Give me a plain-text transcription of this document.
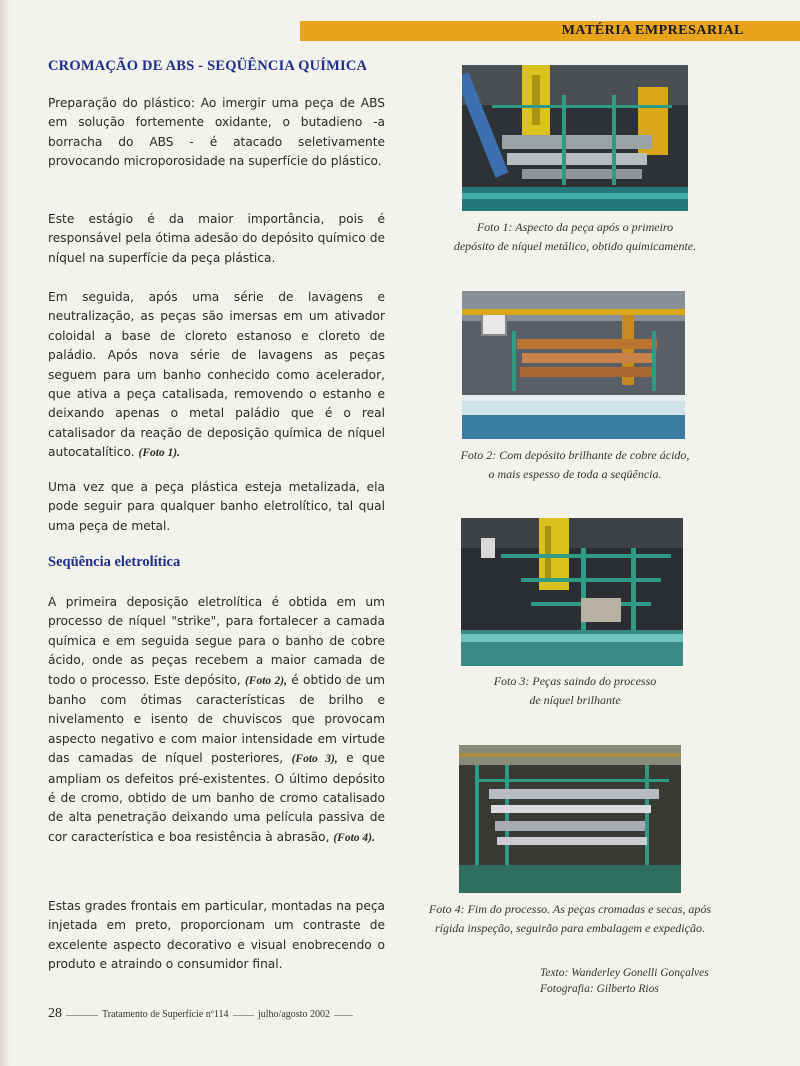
MATÉRIA EMPRESARIAL
CROMAÇÃO DE ABS - SEQÜÊNCIA QUÍMICA

Preparação do plástico: Ao imergir uma peça de ABS em solução fortemente oxidante, o butadieno -a borracha do ABS - é atacado seletivamente provocando microporosidade na superfície do plástico.

Este estágio é da maior importância, pois é responsável pela ótima adesão do depósito químico de níquel na superfície da peça plástica.

Em seguida, após uma série de lavagens e neutralização, as peças são imersas em um ativador coloidal a base de cloreto estanoso e cloreto de paládio. Após nova série de lavagens as peças seguem para um banho conhecido como acelerador, que ativa a peça catalisada, removendo o estanho e deixando apenas o metal paládio que é o real catalisador da reação de deposição química de níquel autocatalítico. (Foto 1).

Uma vez que a peça plástica esteja metalizada, ela pode seguir para qualquer banho eletrolítico, tal qual uma peça de metal.

Seqüência eletrolítica

A primeira deposição eletrolítica é obtida em um processo de níquel "strike", para fortalecer a camada química e em seguida segue para o banho de cobre ácido, onde as peças recebem a maior camada de todo o processo. Este depósito, (Foto 2), é obtido de um banho com ótimas características de brilho e nivelamento e isento de chuviscos que provocam aspecto negativo e com maior intensidade em virtude das camadas de níquel posteriores, (Foto 3), e que ampliam os defeitos pré-existentes. O último depósito é de cromo, obtido de um banho de cromo catalisado de alta penetração deixando uma película passiva de cor característica e boa resistência à abrasão, (Foto 4).

Estas grades frontais em particular, montadas na peça injetada em preto, proporcionam um contraste de excelente aspecto decorativo e visual enobrecendo o produto e atraindo o consumidor final.

Foto 1: Aspecto da peça após o primeiro
depósito de níquel metálico, obtido quimicamente.

Foto 2: Com depósito brilhante de cobre ácido,
o mais espesso de toda a seqüência.

Foto 3: Peças saindo do processo
de níquel brilhante

Foto 4: Fim do processo. As peças cromadas e secas, após
rígida inspeção, seguirão para embalagem e expedição.

Texto: Wanderley Gonelli Gonçalves
Fotografia: Gilberto Rios
28	Tratamento de Superfície nº114	julho/agosto 2002
